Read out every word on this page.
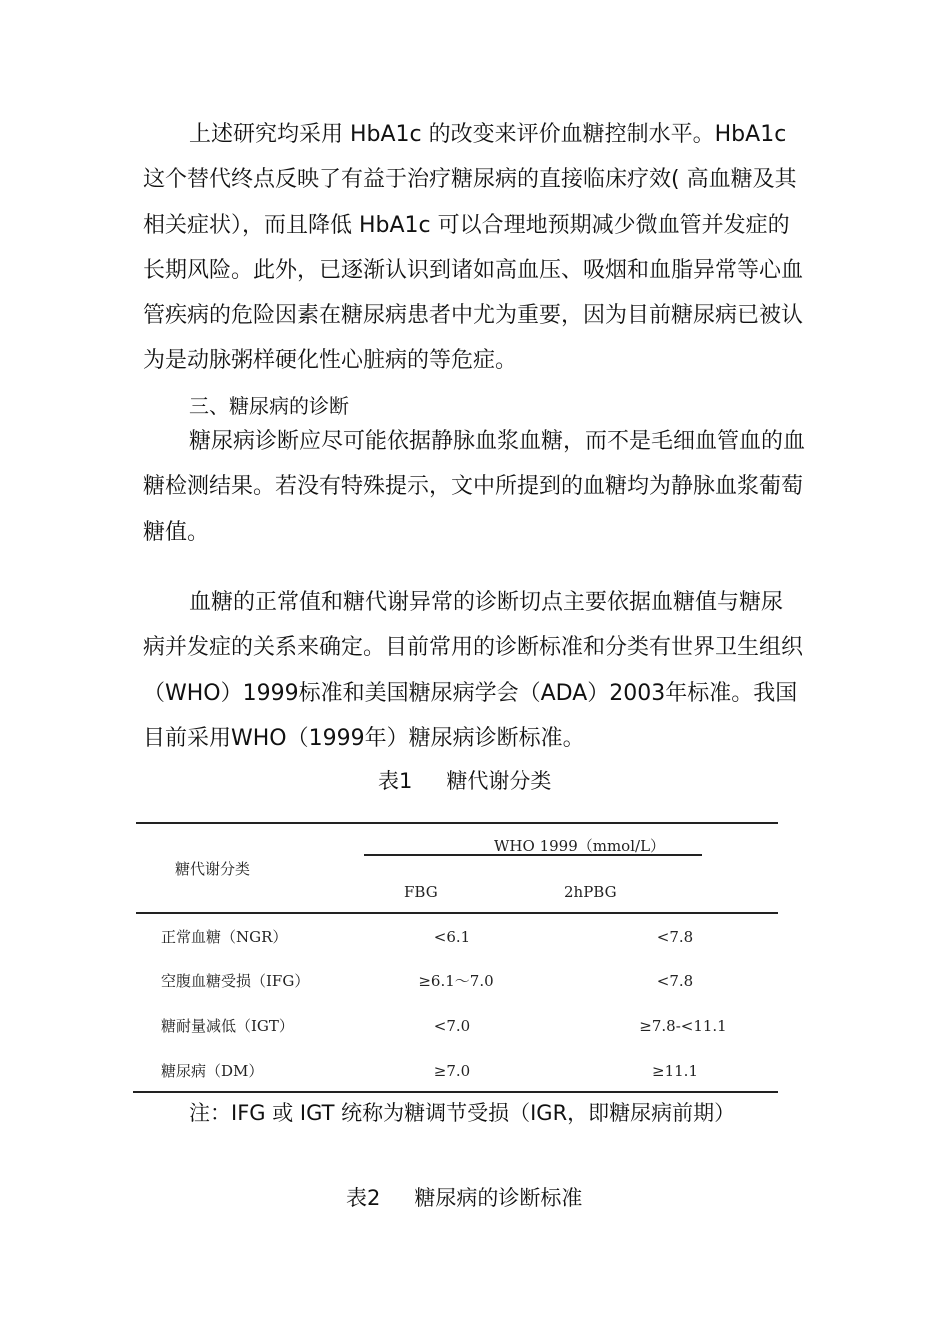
上述研究均采用 HbA1c 的改变来评价血糖控制水平。HbA1c
这个替代终点反映了有益于治疗糖尿病的直接临床疗效( 高血糖及其
相关症状），而且降低 HbA1c 可以合理地预期减少微血管并发症的
长期风险。此外，已逐渐认识到诸如高血压、吸烟和血脂异常等心血
管疾病的危险因素在糖尿病患者中尤为重要，因为目前糖尿病已被认
为是动脉粥样硬化性心脏病的等危症。
三、糖尿病的诊断
糖尿病诊断应尽可能依据静脉血浆血糖，而不是毛细血管血的血
糖检测结果。若没有特殊提示，文中所提到的血糖均为静脉血浆葡萄
糖值。
血糖的正常值和糖代谢异常的诊断切点主要依据血糖值与糖尿
病并发症的关系来确定。目前常用的诊断标准和分类有世界卫生组织
（WHO）1999标准和美国糖尿病学会（ADA）2003年标准。我国
目前采用WHO（1999年）糖尿病诊断标准。
表1 糖代谢分类
糖代谢分类
WHO 1999（mmol/L）
FBG	2hPBG
正常血糖（NGR）	<6.1	<7.8
空腹血糖受损（IFG）	≥6.1～7.0	<7.8
糖耐量减低（IGT）	<7.0	≥7.8-<11.1
糖尿病（DM）	≥7.0	≥11.1
注：IFG 或 IGT 统称为糖调节受损（IGR，即糖尿病前期）
表2 糖尿病的诊断标准
